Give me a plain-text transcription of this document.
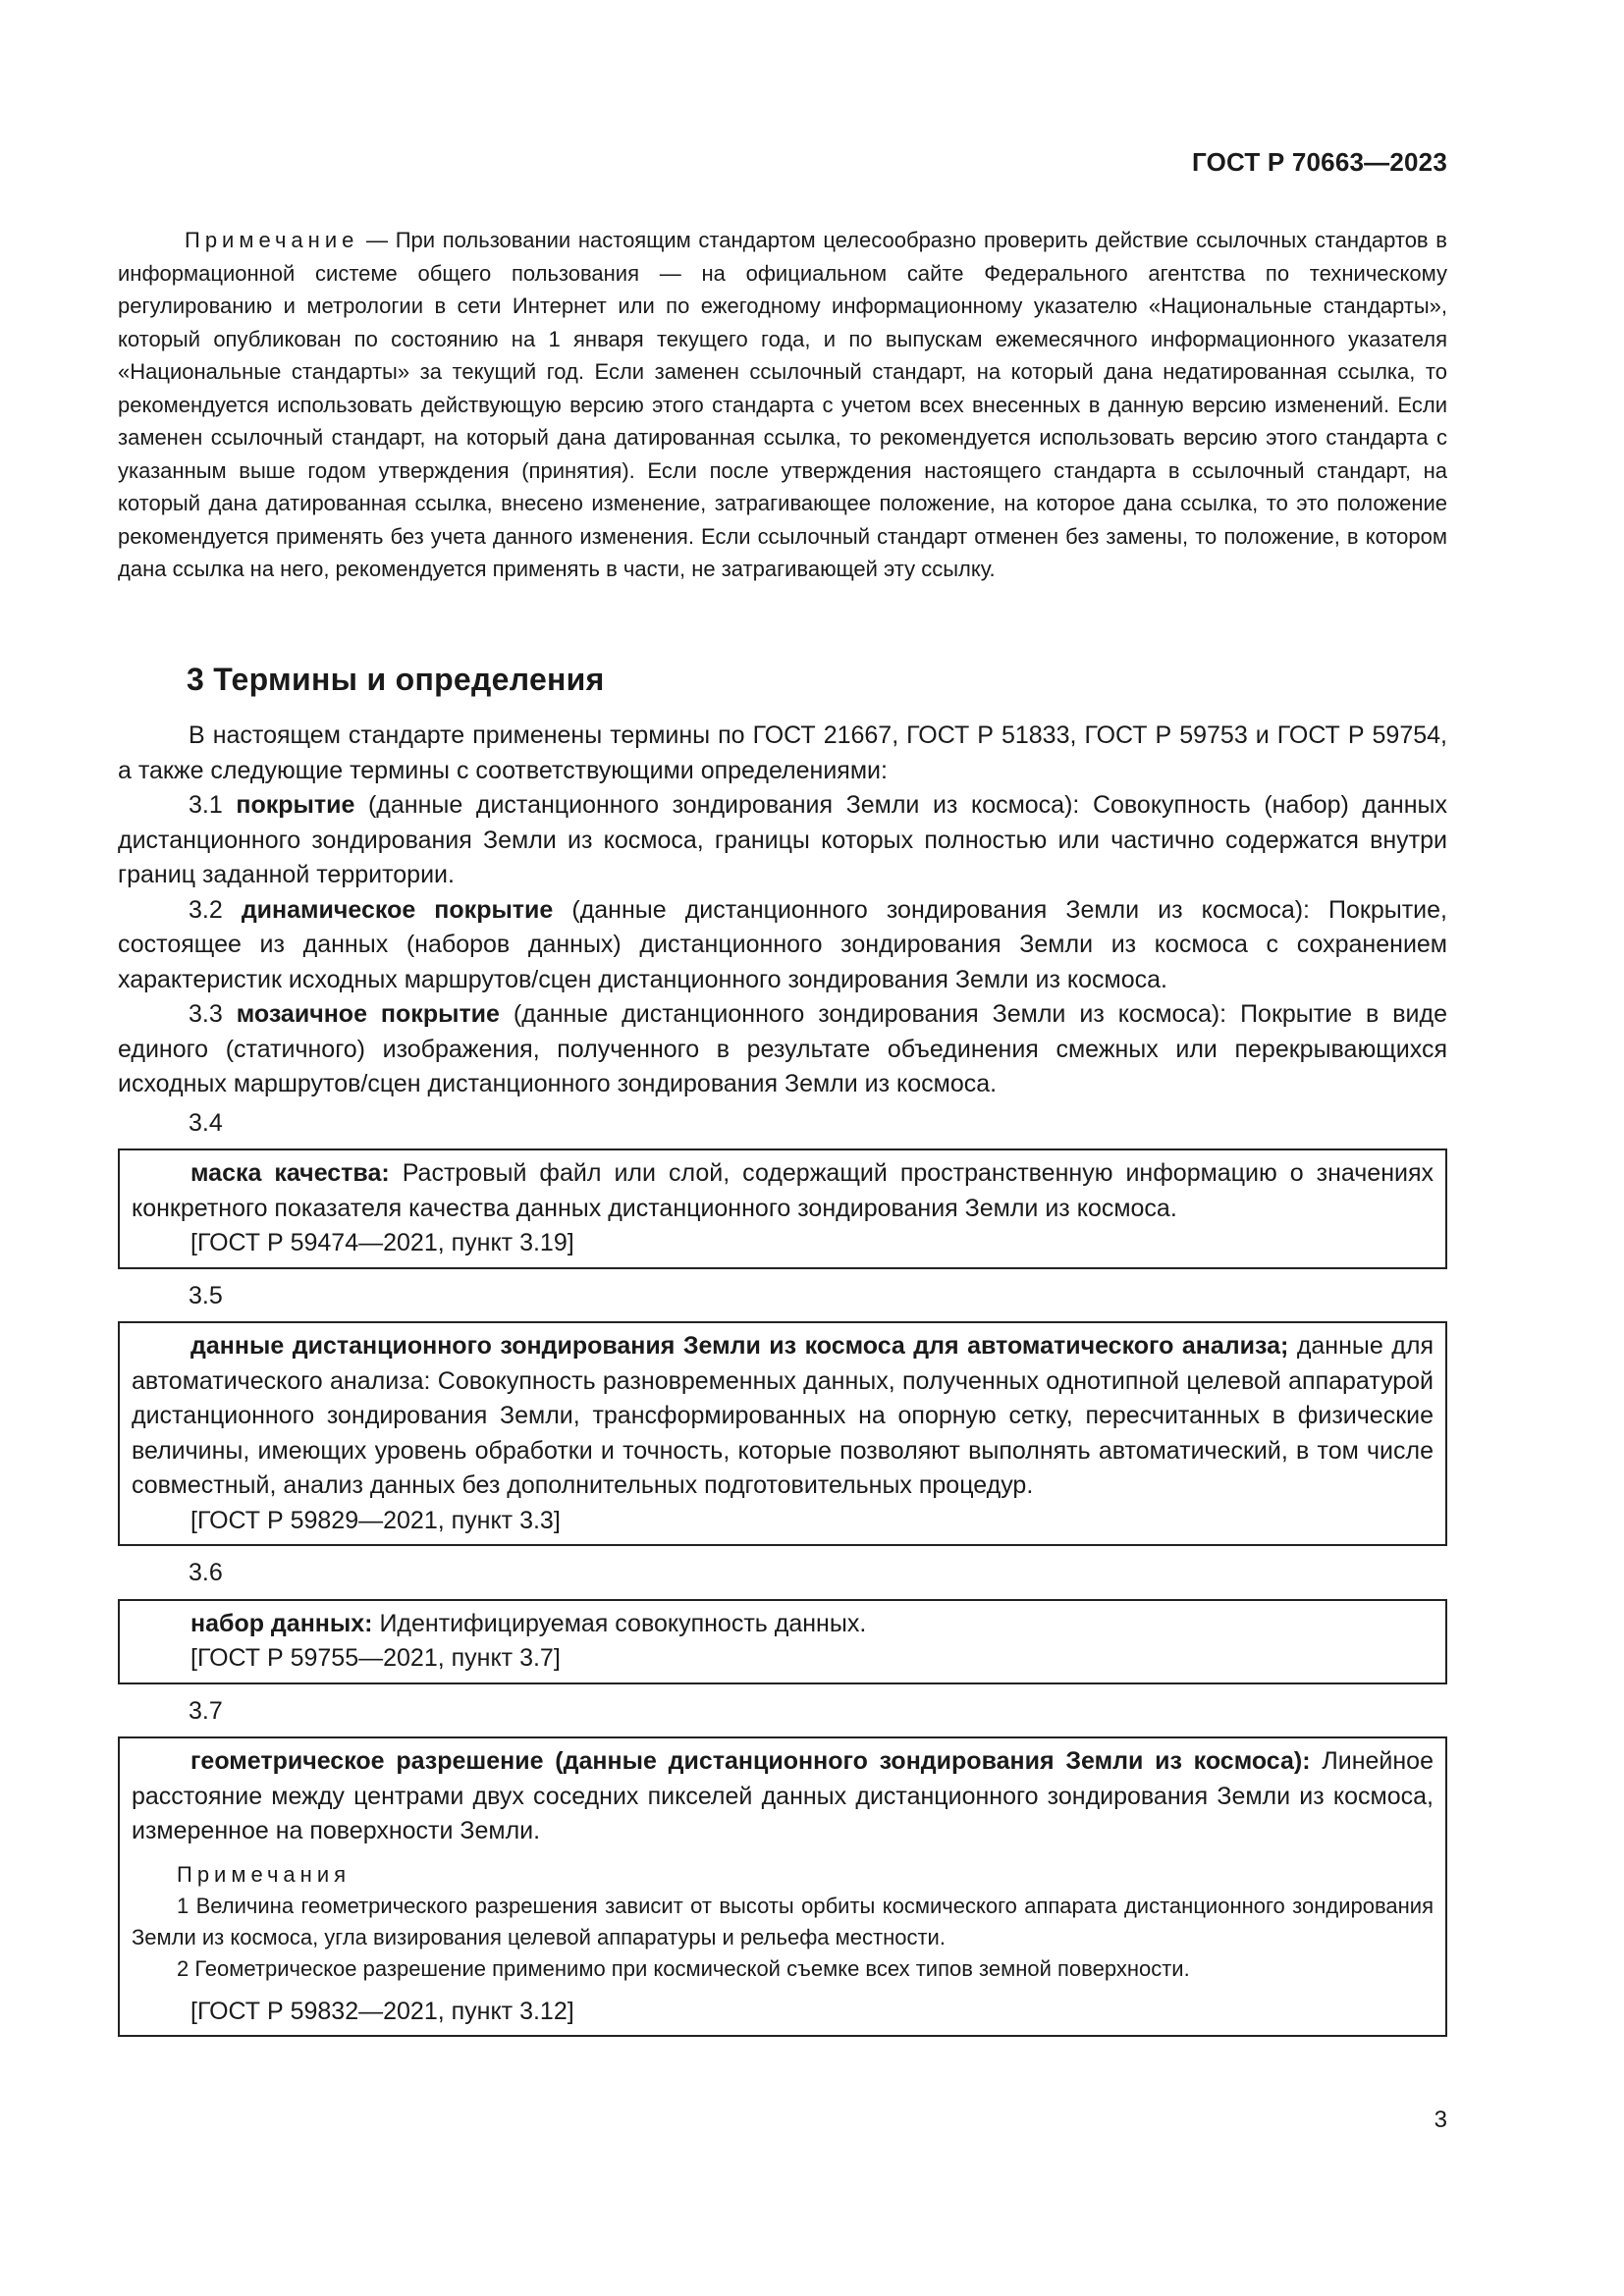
ГОСТ Р 70663—2023
Примечание — При пользовании настоящим стандартом целесообразно проверить действие ссылочных стандартов в информационной системе общего пользования — на официальном сайте Федерального агентства по техническому регулированию и метрологии в сети Интернет или по ежегодному информационному указателю «Национальные стандарты», который опубликован по состоянию на 1 января текущего года, и по выпускам ежемесячного информационного указателя «Национальные стандарты» за текущий год. Если заменен ссылочный стандарт, на который дана недатированная ссылка, то рекомендуется использовать действующую версию этого стандарта с учетом всех внесенных в данную версию изменений. Если заменен ссылочный стандарт, на который дана датированная ссылка, то рекомендуется использовать версию этого стандарта с указанным выше годом утверждения (принятия). Если после утверждения настоящего стандарта в ссылочный стандарт, на который дана датированная ссылка, внесено изменение, затрагивающее положение, на которое дана ссылка, то это положение рекомендуется применять без учета данного изменения. Если ссылочный стандарт отменен без замены, то положение, в котором дана ссылка на него, рекомендуется применять в части, не затрагивающей эту ссылку.
3 Термины и определения
В настоящем стандарте применены термины по ГОСТ 21667, ГОСТ Р 51833, ГОСТ Р 59753 и ГОСТ Р 59754, а также следующие термины с соответствующими определениями:
3.1 покрытие (данные дистанционного зондирования Земли из космоса): Совокупность (набор) данных дистанционного зондирования Земли из космоса, границы которых полностью или частично содержатся внутри границ заданной территории.
3.2 динамическое покрытие (данные дистанционного зондирования Земли из космоса): Покрытие, состоящее из данных (наборов данных) дистанционного зондирования Земли из космоса с сохранением характеристик исходных маршрутов/сцен дистанционного зондирования Земли из космоса.
3.3 мозаичное покрытие (данные дистанционного зондирования Земли из космоса): Покрытие в виде единого (статичного) изображения, полученного в результате объединения смежных или перекрывающихся исходных маршрутов/сцен дистанционного зондирования Земли из космоса.
3.4
маска качества: Растровый файл или слой, содержащий пространственную информацию о значениях конкретного показателя качества данных дистанционного зондирования Земли из космоса.
[ГОСТ Р 59474—2021, пункт 3.19]
3.5
данные дистанционного зондирования Земли из космоса для автоматического анализа; данные для автоматического анализа: Совокупность разновременных данных, полученных однотипной целевой аппаратурой дистанционного зондирования Земли, трансформированных на опорную сетку, пересчитанных в физические величины, имеющих уровень обработки и точность, которые позволяют выполнять автоматический, в том числе совместный, анализ данных без дополнительных подготовительных процедур.
[ГОСТ Р 59829—2021, пункт 3.3]
3.6
набор данных: Идентифицируемая совокупность данных.
[ГОСТ Р 59755—2021, пункт 3.7]
3.7
геометрическое разрешение (данные дистанционного зондирования Земли из космоса): Линейное расстояние между центрами двух соседних пикселей данных дистанционного зондирования Земли из космоса, измеренное на поверхности Земли.
Примечания
1 Величина геометрического разрешения зависит от высоты орбиты космического аппарата дистанционного зондирования Земли из космоса, угла визирования целевой аппаратуры и рельефа местности.
2 Геометрическое разрешение применимо при космической съемке всех типов земной поверхности.
[ГОСТ Р 59832—2021, пункт 3.12]
3
